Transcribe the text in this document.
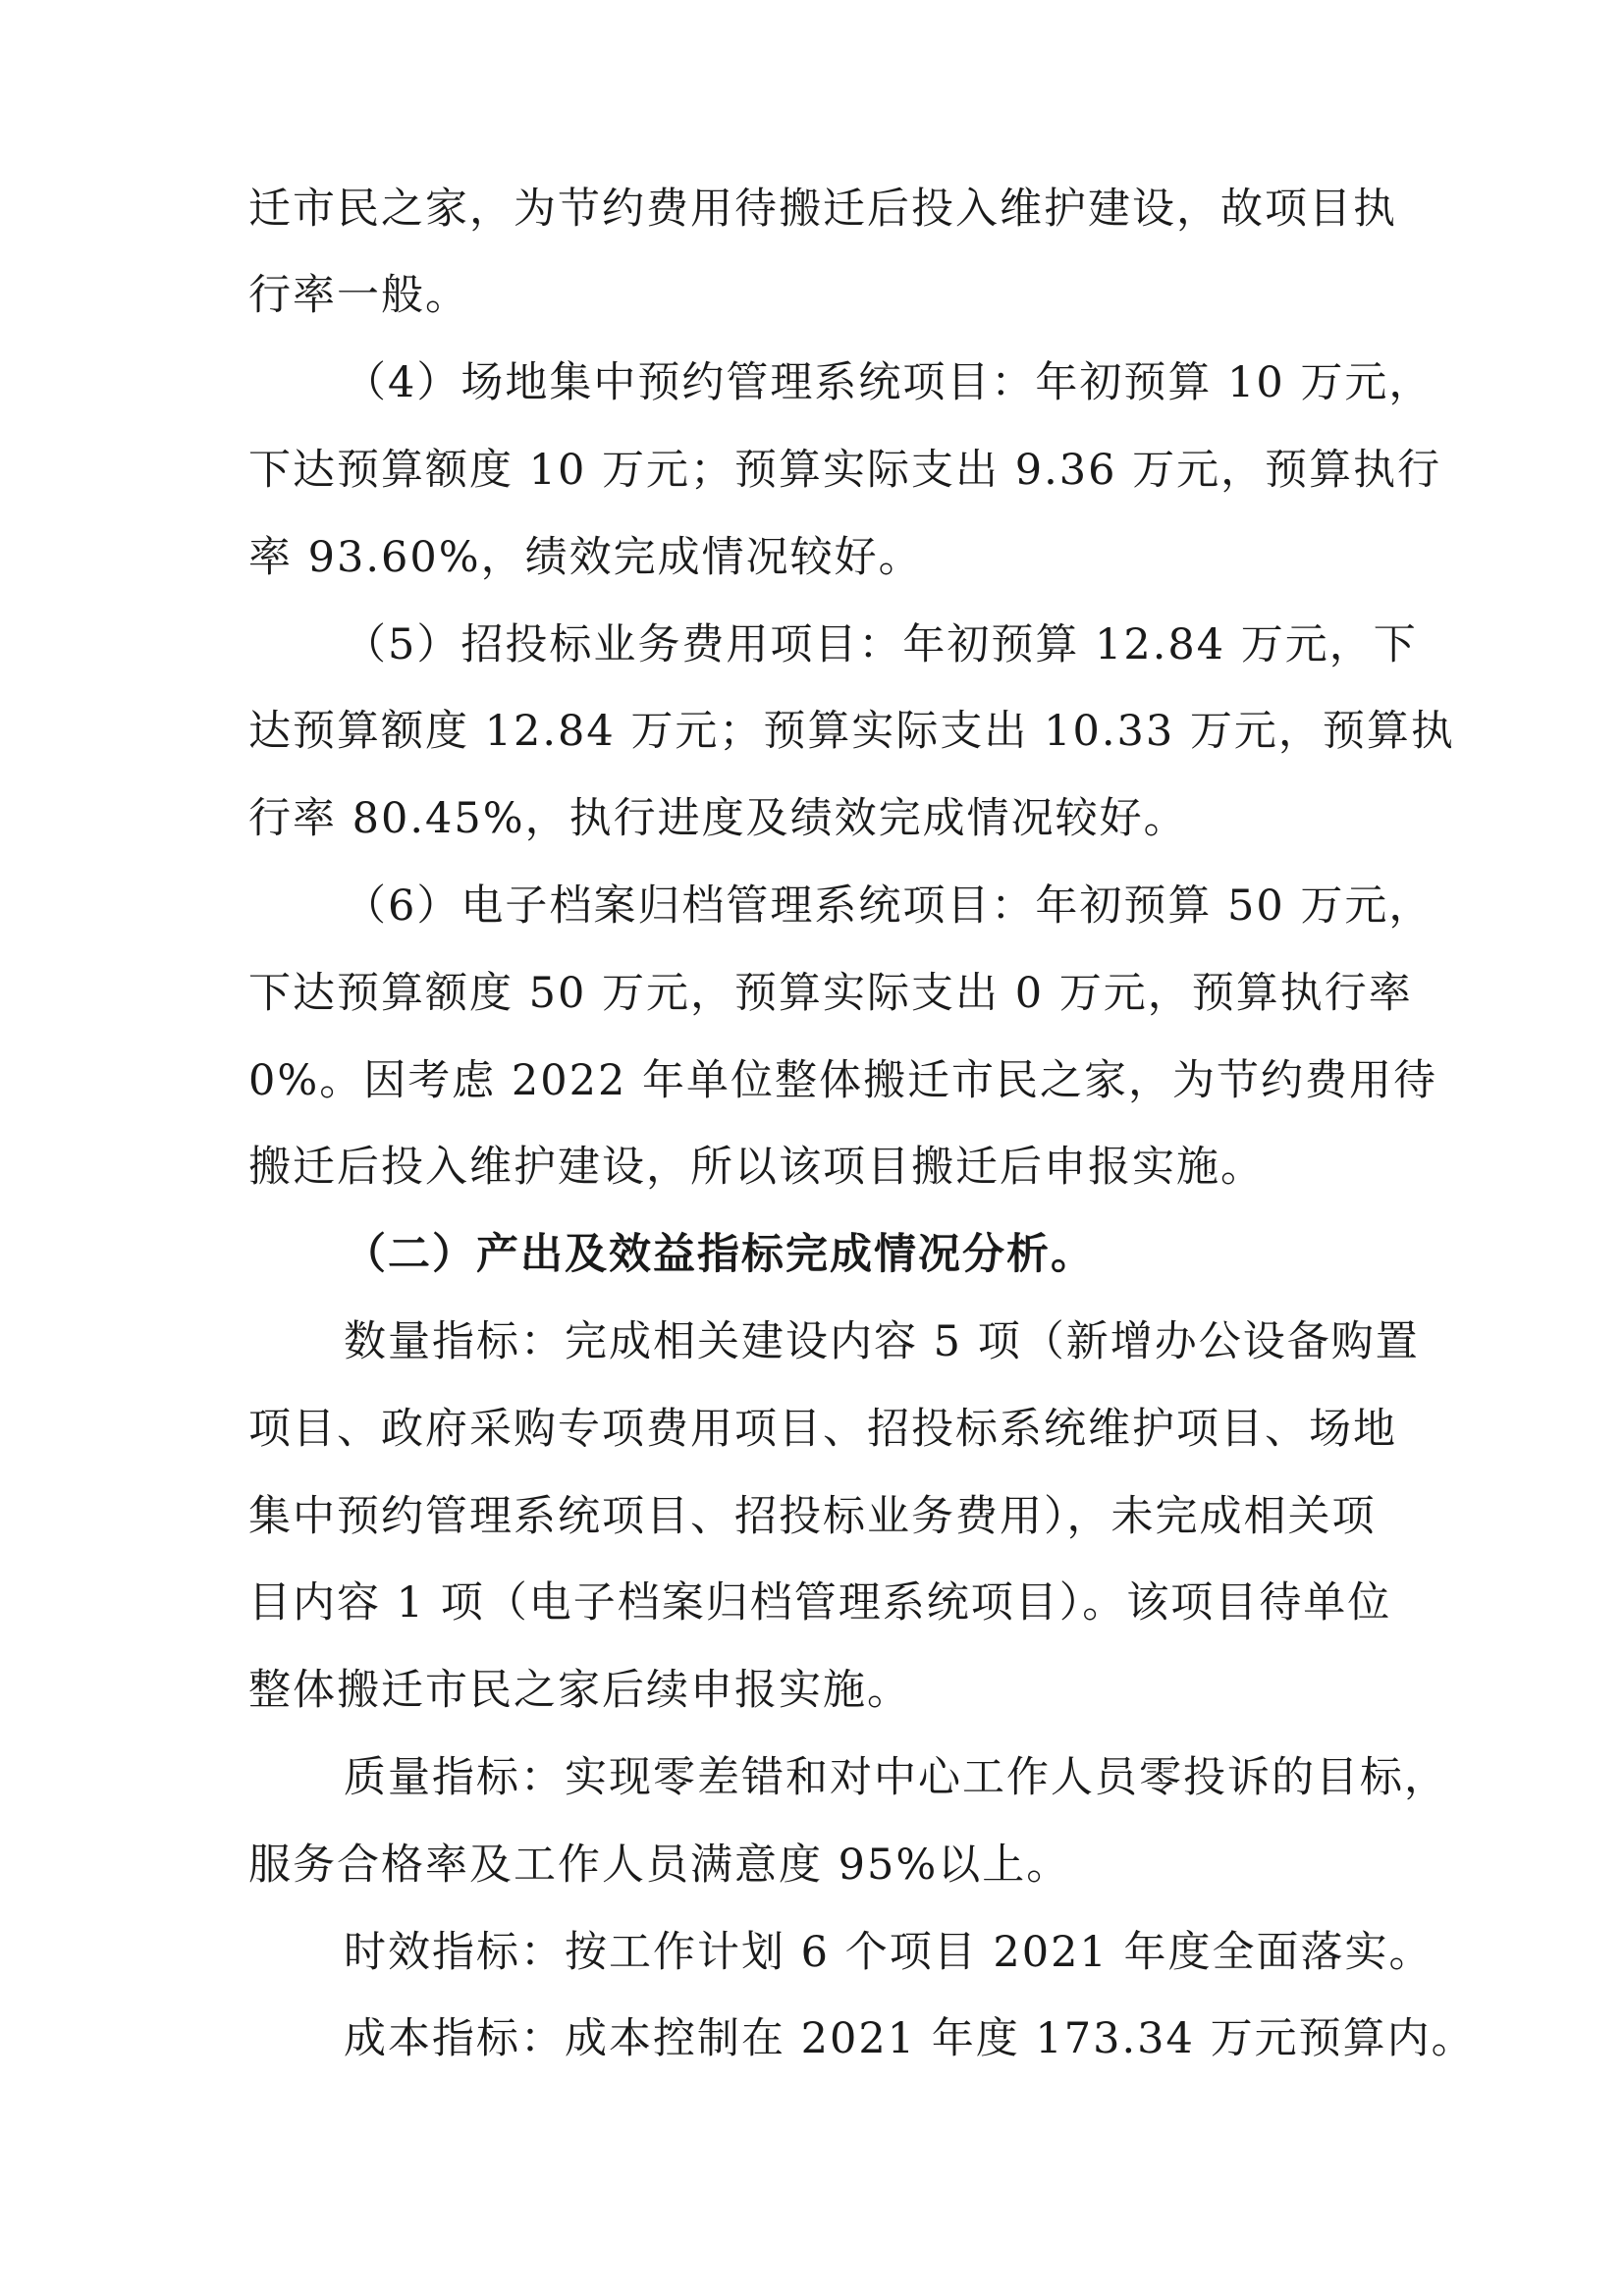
迁市民之家，为节约费用待搬迁后投入维护建设，故项目执
行率一般。
（4）场地集中预约管理系统项目：年初预算 10 万元，
下达预算额度 10 万元；预算实际支出 9.36 万元，预算执行
率 93.60%，绩效完成情况较好。
（5）招投标业务费用项目：年初预算 12.84 万元，下
达预算额度 12.84 万元；预算实际支出 10.33 万元，预算执
行率 80.45%，执行进度及绩效完成情况较好。
（6）电子档案归档管理系统项目：年初预算 50 万元，
下达预算额度 50 万元，预算实际支出 0 万元，预算执行率
0%。因考虑 2022 年单位整体搬迁市民之家，为节约费用待
搬迁后投入维护建设，所以该项目搬迁后申报实施。
（二）产出及效益指标完成情况分析。
数量指标：完成相关建设内容 5 项（新增办公设备购置
项目、政府采购专项费用项目、招投标系统维护项目、场地
集中预约管理系统项目、招投标业务费用），未完成相关项
目内容 1 项（电子档案归档管理系统项目）。该项目待单位
整体搬迁市民之家后续申报实施。
质量指标：实现零差错和对中心工作人员零投诉的目标，
服务合格率及工作人员满意度 95%以上。
时效指标：按工作计划 6 个项目 2021 年度全面落实。
成本指标：成本控制在 2021 年度 173.34 万元预算内。
